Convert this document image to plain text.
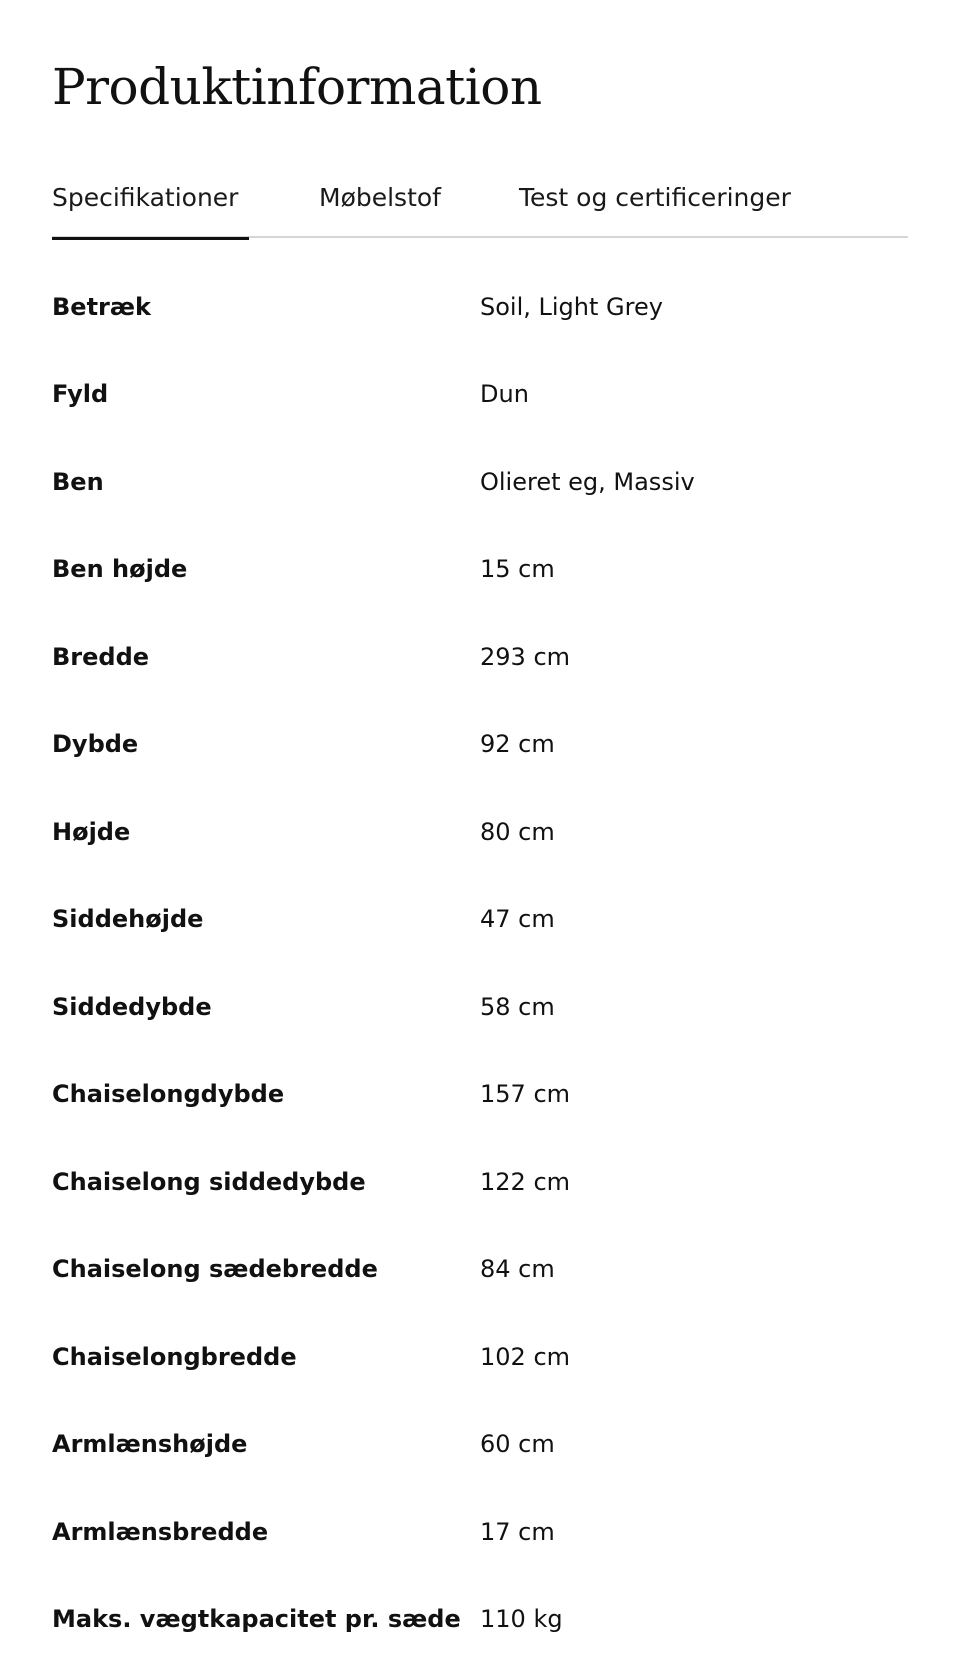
Produktinformation
Specifikationer	Møbelstof	Test og certificeringer
Betræk	Soil, Light Grey
Fyld	Dun
Ben	Olieret eg, Massiv
Ben højde	15 cm
Bredde	293 cm
Dybde	92 cm
Højde	80 cm
Siddehøjde	47 cm
Siddedybde	58 cm
Chaiselongdybde	157 cm
Chaiselong siddedybde	122 cm
Chaiselong sædebredde	84 cm
Chaiselongbredde	102 cm
Armlænshøjde	60 cm
Armlænsbredde	17 cm
Maks. vægtkapacitet pr. sæde 110 kg
